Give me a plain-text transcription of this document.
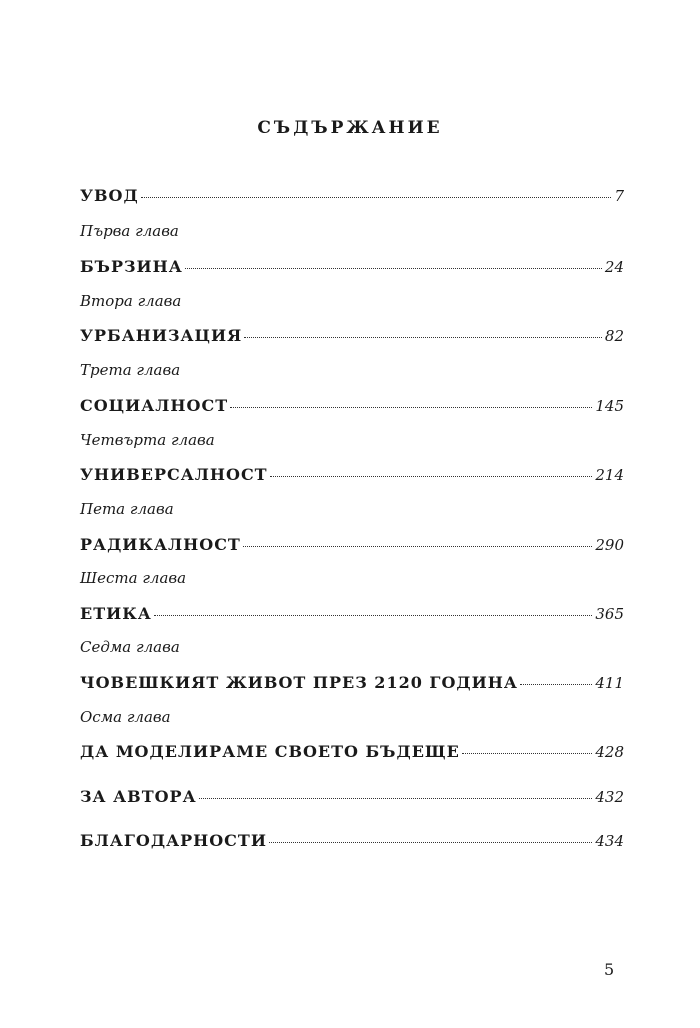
СЪДЪРЖАНИЕ
УВОД	7
Първа глава
БЪРЗИНА	24
Втора глава
УРБАНИЗАЦИЯ	82
Трета глава
СОЦИАЛНОСТ	145
Четвърта глава
УНИВЕРСАЛНОСТ	214
Пета глава
РАДИКАЛНОСТ	290
Шеста глава
ЕТИКА	365
Седма глава
ЧОВЕШКИЯТ ЖИВОТ ПРЕЗ 2120 ГОДИНА	411
Осма глава
ДА МОДЕЛИРАМЕ СВОЕТО БЪДЕЩЕ	428
ЗА АВТОРА	432
БЛАГОДАРНОСТИ	434
5
